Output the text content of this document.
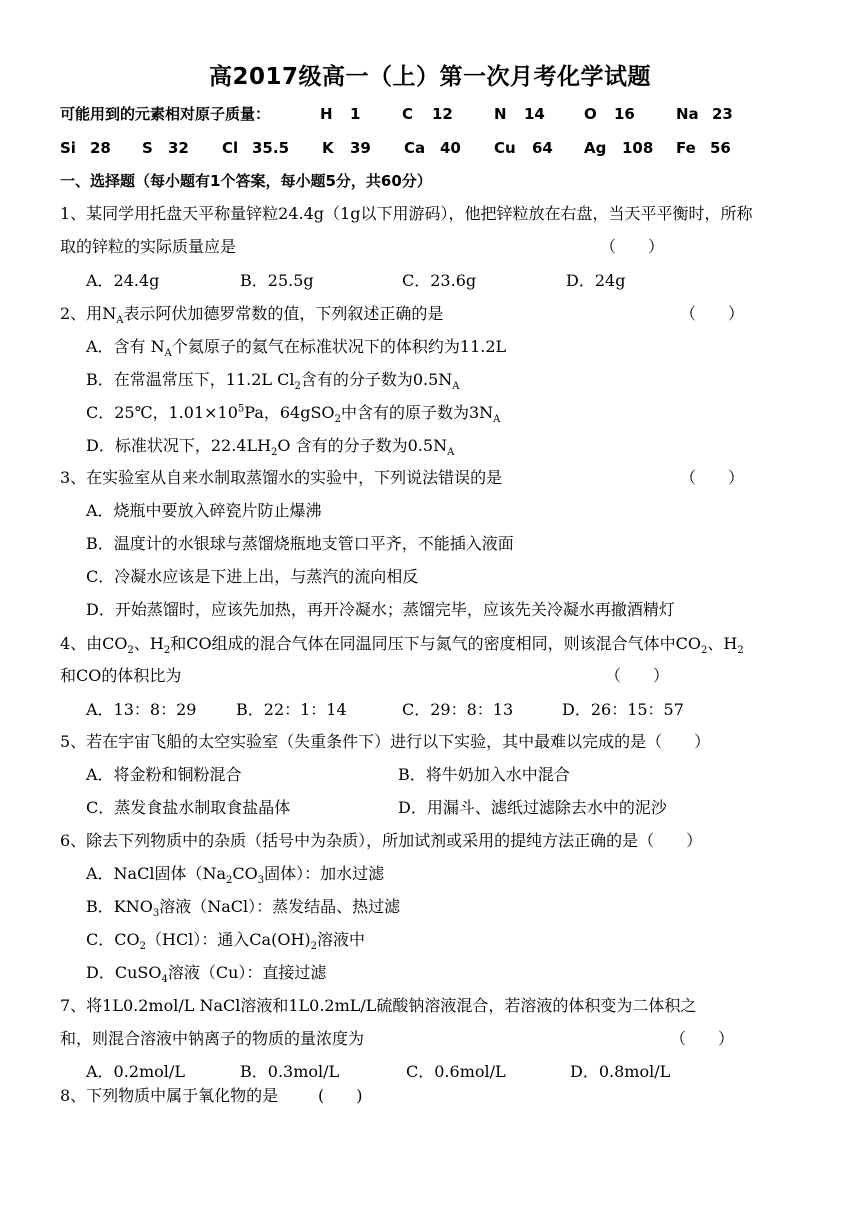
高2017级高一（上）第一次月考化学试题
可能用到的元素相对原子质量：	H 1	C 12	N 14	O 16	Na 23
Si 28 S 32 Cl 35.5 K 39 Ca 40 Cu 64 Ag 108 Fe 56
一、选择题（每小题有1个答案，每小题5分，共60分）
1、某同学用托盘天平称量锌粒24.4g（1g以下用游码），他把锌粒放在右盘，当天平平衡时，所称
取的锌粒的实际质量应是	（　　）
A．24.4g	B．25.5g	C．23.6g	D．24g
2、用$N_A$表示阿伏加德罗常数的值，下列叙述正确的是	（　　）
A．含有 $N_A$个氦原子的氦气在标准状况下的体积约为11.2L
B．在常温常压下，11.2L $Cl_2$含有的分子数为$0.5N_A$
C．25℃，$1.01\times 10^5Pa$，64gSO$_2$中含有的原子数为$3N_A$
D．标准状况下，$22.4LH_2O$ 含有的分子数为$0.5N_A$
3、在实验室从自来水制取蒸馏水的实验中，下列说法错误的是	（　　）
A．烧瓶中要放入碎瓷片防止爆沸
B．温度计的水银球与蒸馏烧瓶地支管口平齐，不能插入液面
C．冷凝水应该是下进上出，与蒸汽的流向相反
D．开始蒸馏时，应该先加热，再开冷凝水；蒸馏完毕，应该先关冷凝水再撤酒精灯
4、由$CO_2$、$H_2$和CO组成的混合气体在同温同压下与氮气的密度相同，则该混合气体中$CO_2$、$H_2$
和CO的体积比为	（　　）
A．13：8：29 B．22：1：14	C．29：8：13	D．26：15：57
5、若在宇宙飞船的太空实验室（失重条件下）进行以下实验，其中最难以完成的是（　　）
A．将金粉和铜粉混合	B．将牛奶加入水中混合
C．蒸发食盐水制取食盐晶体	D．用漏斗、滤纸过滤除去水中的泥沙
6、除去下列物质中的杂质（括号中为杂质），所加试剂或采用的提纯方法正确的是（　　）
A．NaCl固体（$Na_2CO_3$固体）：加水过滤
B．$KNO_3$溶液（NaCl）：蒸发结晶、热过滤
C．$CO_2(HCl)$：通入$Ca(OH)_2$溶液中
D．CuSO$_4$溶液（Cu）：直接过滤
7、将1L0.2mol/L NaCl溶液和1L0.2mL/L硫酸钠溶液混合，若溶液的体积变为二体积之
和，则混合溶液中钠离子的物质的量浓度为	（　　）
A．0.2mol/L	B．0.3mol/L	C．0.6mol/L	D．0.8mol/L
8、下列物质中属于氧化物的是 (　　)
